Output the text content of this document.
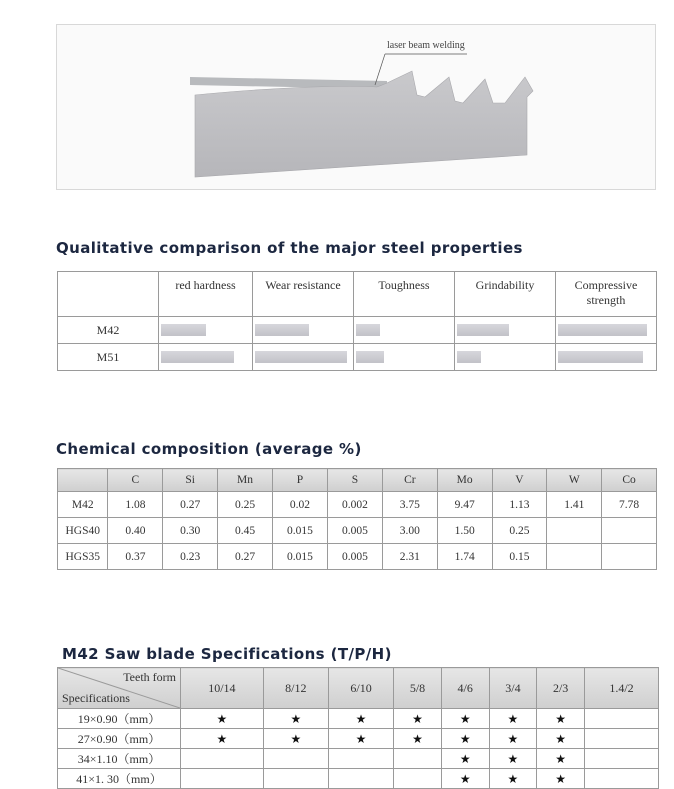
laser beam welding
Qualitative comparison of the major steel properties
	red hardness	Wear resistance	Toughness	Grindability	Compressive strength
M42	

M51	

Chemical composition (average %)
	C	Si	Mn	P	S	Cr	Mo	V	W	Co
M42	1.08	0.27	0.25	0.02	0.002	3.75	9.47	1.13	1.41	7.78
HGS40	0.40	0.30	0.45	0.015	0.005	3.00	1.50	0.25		
HGS35	0.37	0.23	0.27	0.015	0.005	2.31	1.74	0.15		
M42 Saw blade Specifications (T/P/H)
Teeth form
Specifications	10/14	8/12	6/10	5/8	4/6	3/4	2/3	1.4/2
19×0.90（mm）	★	★	★	★	★	★	★	
27×0.90（mm）	★	★	★	★	★	★	★	
34×1.10（mm）					★	★	★	
41×1. 30（mm）					★	★	★	
